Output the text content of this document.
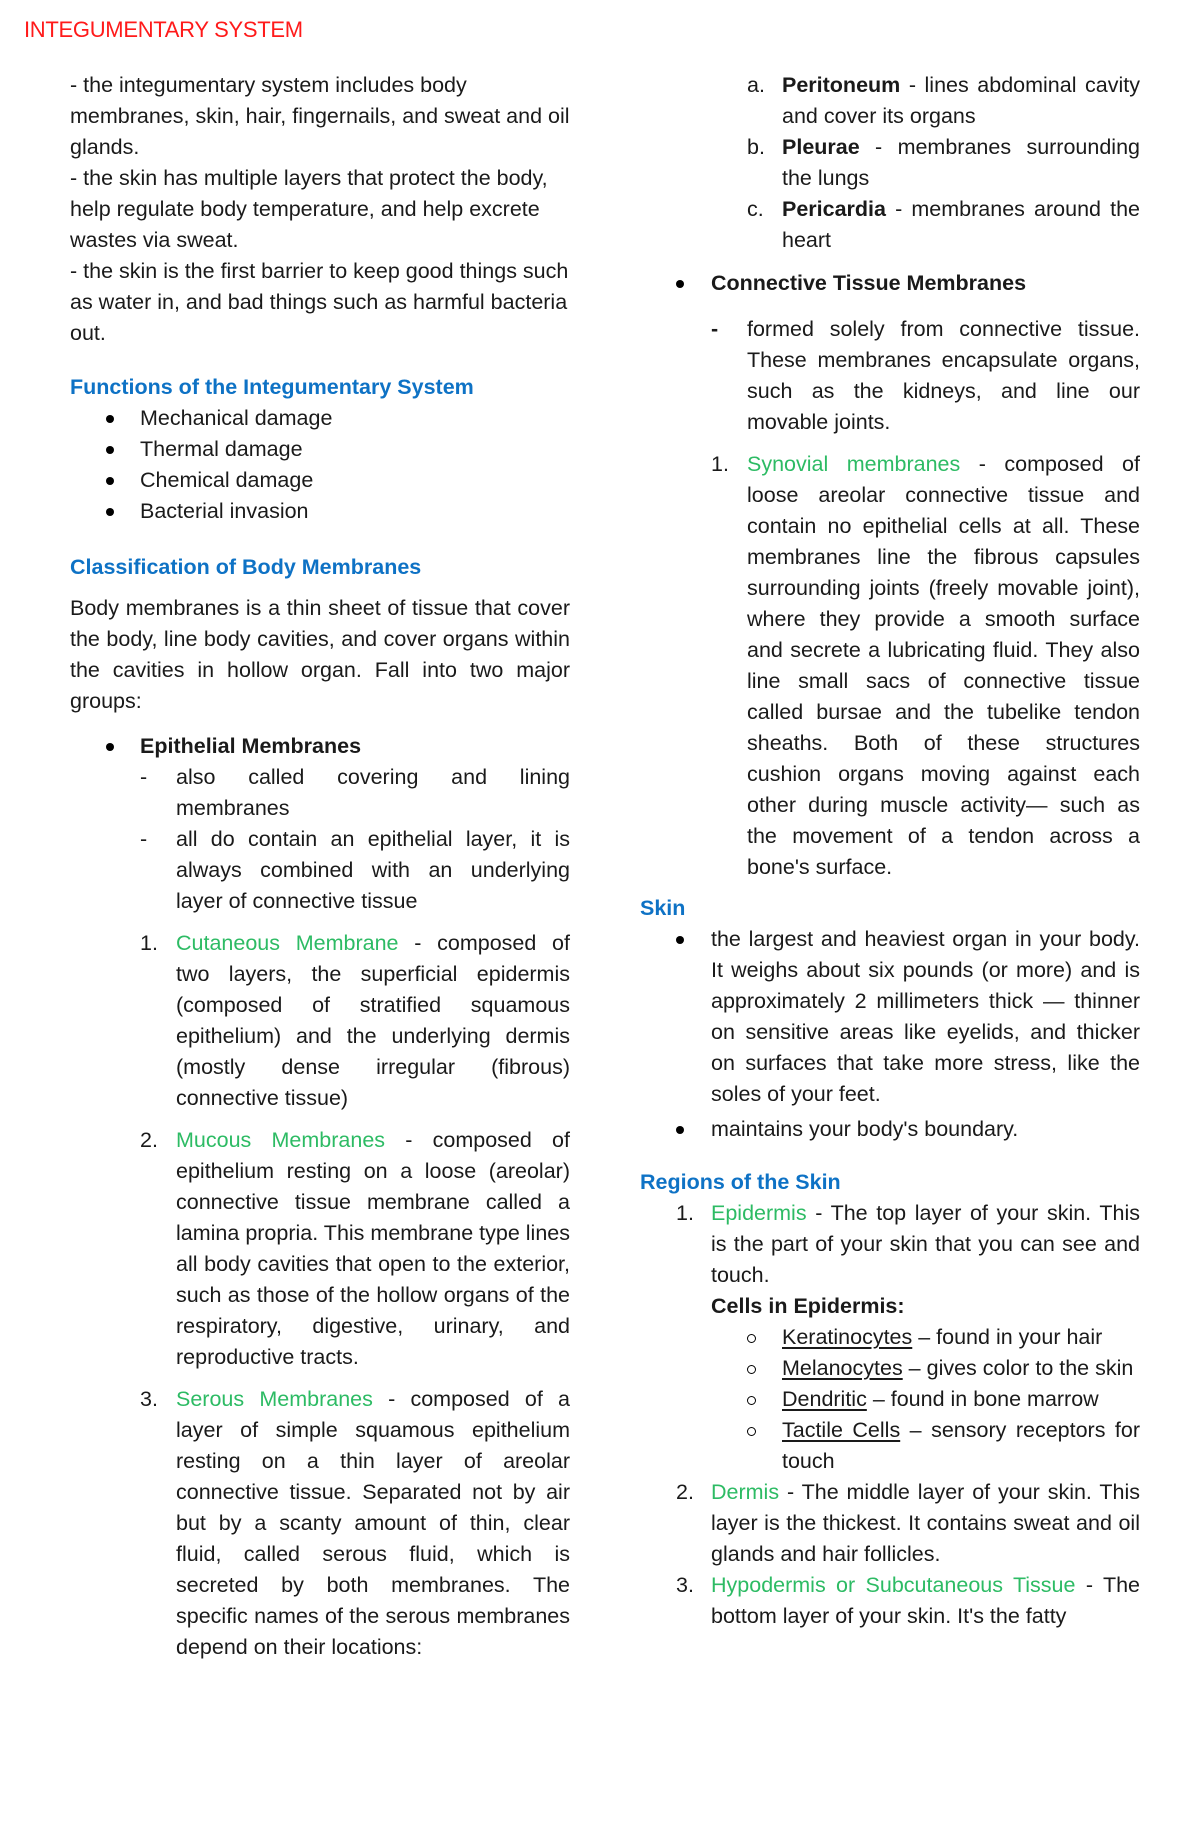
INTEGUMENTARY SYSTEM

- the integumentary system includes body membranes, skin, hair, fingernails, and sweat and oil glands.

- the skin has multiple layers that protect the body, help regulate body temperature, and help excrete wastes via sweat.

- the skin is the first barrier to keep good things such as water in, and bad things such as harmful bacteria out.

Functions of the Integumentary System
Mechanical damage
Thermal damage
Chemical damage
Bacterial invasion
Classification of Body Membranes

Body membranes is a thin sheet of tissue that cover the body, line body cavities, and cover organs within the cavities in hollow organ. Fall into two major groups:

Epithelial Membranes
-	also called covering and lining membranes
-	all do contain an epithelial layer, it is always combined with an underlying layer of connective tissue
1. Cutaneous Membrane - composed of two layers, the superficial epidermis (composed of stratified squamous epithelium) and the underlying dermis (mostly dense irregular (fibrous) connective tissue)
2. Mucous Membranes - composed of epithelium resting on a loose (areolar) connective tissue membrane called a lamina propria. This membrane type lines all body cavities that open to the exterior, such as those of the hollow organs of the respiratory, digestive, urinary, and reproductive tracts.
3. Serous Membranes - composed of a layer of simple squamous epithelium resting on a thin layer of areolar connective tissue. Separated not by air but by a scanty amount of thin, clear fluid, called serous fluid, which is secreted by both membranes. The specific names of the serous membranes depend on their locations:
a. Peritoneum - lines abdominal cavity and cover its organs
b. Pleurae - membranes surrounding the lungs
c. Pericardia - membranes around the heart
Connective Tissue Membranes
-	formed solely from connective tissue. These membranes encapsulate organs, such as the kidneys, and line our movable joints.
1. Synovial membranes - composed of loose areolar connective tissue and contain no epithelial cells at all. These membranes line the fibrous capsules surrounding joints (freely movable joint), where they provide a smooth surface and secrete a lubricating fluid. They also line small sacs of connective tissue called bursae and the tubelike tendon sheaths. Both of these structures cushion organs moving against each other during muscle activity— such as the movement of a tendon across a bone's surface.
Skin
the largest and heaviest organ in your body. It weighs about six pounds (or more) and is approximately 2 millimeters thick — thinner on sensitive areas like eyelids, and thicker on surfaces that take more stress, like the soles of your feet.
maintains your body's boundary.
Regions of the Skin
1. Epidermis - The top layer of your skin. This is the part of your skin that you can see and touch.
Cells in Epidermis:
Keratinocytes – found in your hair
Melanocytes – gives color to the skin
Dendritic – found in bone marrow
Tactile Cells – sensory receptors for touch
2. Dermis - The middle layer of your skin. This layer is the thickest. It contains sweat and oil glands and hair follicles.
3. Hypodermis or Subcutaneous Tissue - The bottom layer of your skin. It's the fatty
